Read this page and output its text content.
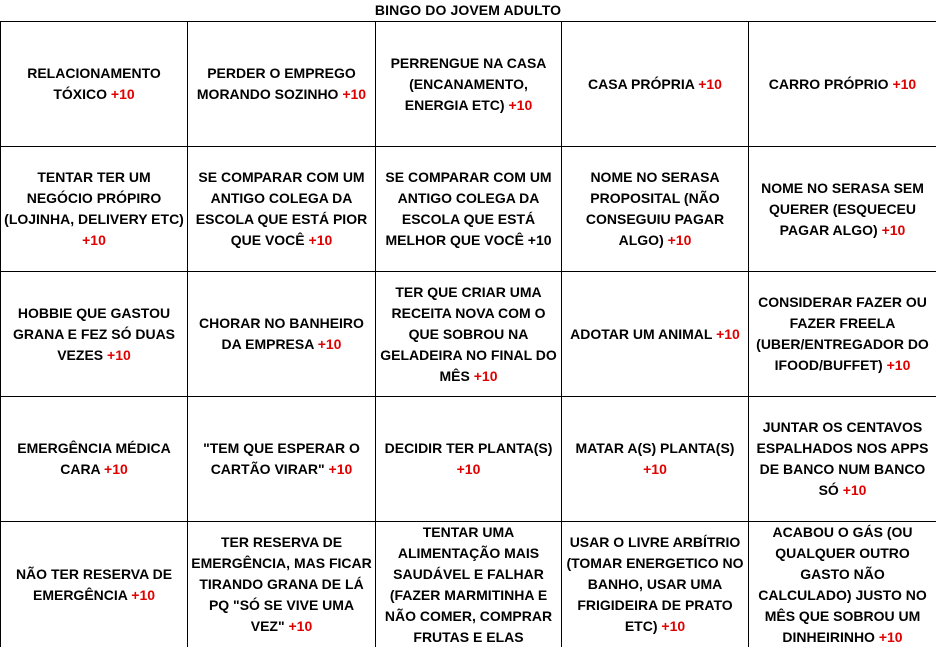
BINGO DO JOVEM ADULTO
RELACIONAMENTO TÓXICO +10
PERDER O EMPREGO MORANDO SOZINHO +10
PERRENGUE NA CASA (ENCANAMENTO, ENERGIA ETC) +10
CASA PRÓPRIA +10	CARRO PRÓPRIO +10
TENTAR TER UM NEGÓCIO PRÓPIRO (LOJINHA, DELIVERY ETC) +10
SE COMPARAR COM UM ANTIGO COLEGA DA ESCOLA QUE ESTÁ PIOR QUE VOCÊ +10
SE COMPARAR COM UM ANTIGO COLEGA DA ESCOLA QUE ESTÁ MELHOR QUE VOCÊ +10
NOME NO SERASA PROPOSITAL (NÃO CONSEGUIU PAGAR ALGO) +10
NOME NO SERASA SEM QUERER (ESQUECEU PAGAR ALGO) +10
HOBBIE QUE GASTOU GRANA E FEZ SÓ DUAS VEZES +10
CHORAR NO BANHEIRO DA EMPRESA +10
TER QUE CRIAR UMA RECEITA NOVA COM O QUE SOBROU NA GELADEIRA NO FINAL DO MÊS +10
ADOTAR UM ANIMAL +10
CONSIDERAR FAZER OU FAZER FREELA (UBER/ENTREGADOR DO IFOOD/BUFFET) +10
EMERGÊNCIA MÉDICA CARA +10
"TEM QUE ESPERAR O CARTÃO VIRAR" +10
DECIDIR TER PLANTA(S) +10
MATAR A(S) PLANTA(S) +10
JUNTAR OS CENTAVOS ESPALHADOS NOS APPS DE BANCO NUM BANCO SÓ +10
NÃO TER RESERVA DE EMERGÊNCIA +10
TER RESERVA DE EMERGÊNCIA, MAS FICAR TIRANDO GRANA DE LÁ PQ "SÓ SE VIVE UMA VEZ" +10
TENTAR UMA ALIMENTAÇÃO MAIS SAUDÁVEL E FALHAR (FAZER MARMITINHA E NÃO COMER, COMPRAR FRUTAS E ELAS
USAR O LIVRE ARBÍTRIO (TOMAR ENERGETICO NO BANHO, USAR UMA FRIGIDEIRA DE PRATO ETC) +10
ACABOU O GÁS (OU QUALQUER OUTRO GASTO NÃO CALCULADO) JUSTO NO MÊS QUE SOBROU UM DINHEIRINHO +10
